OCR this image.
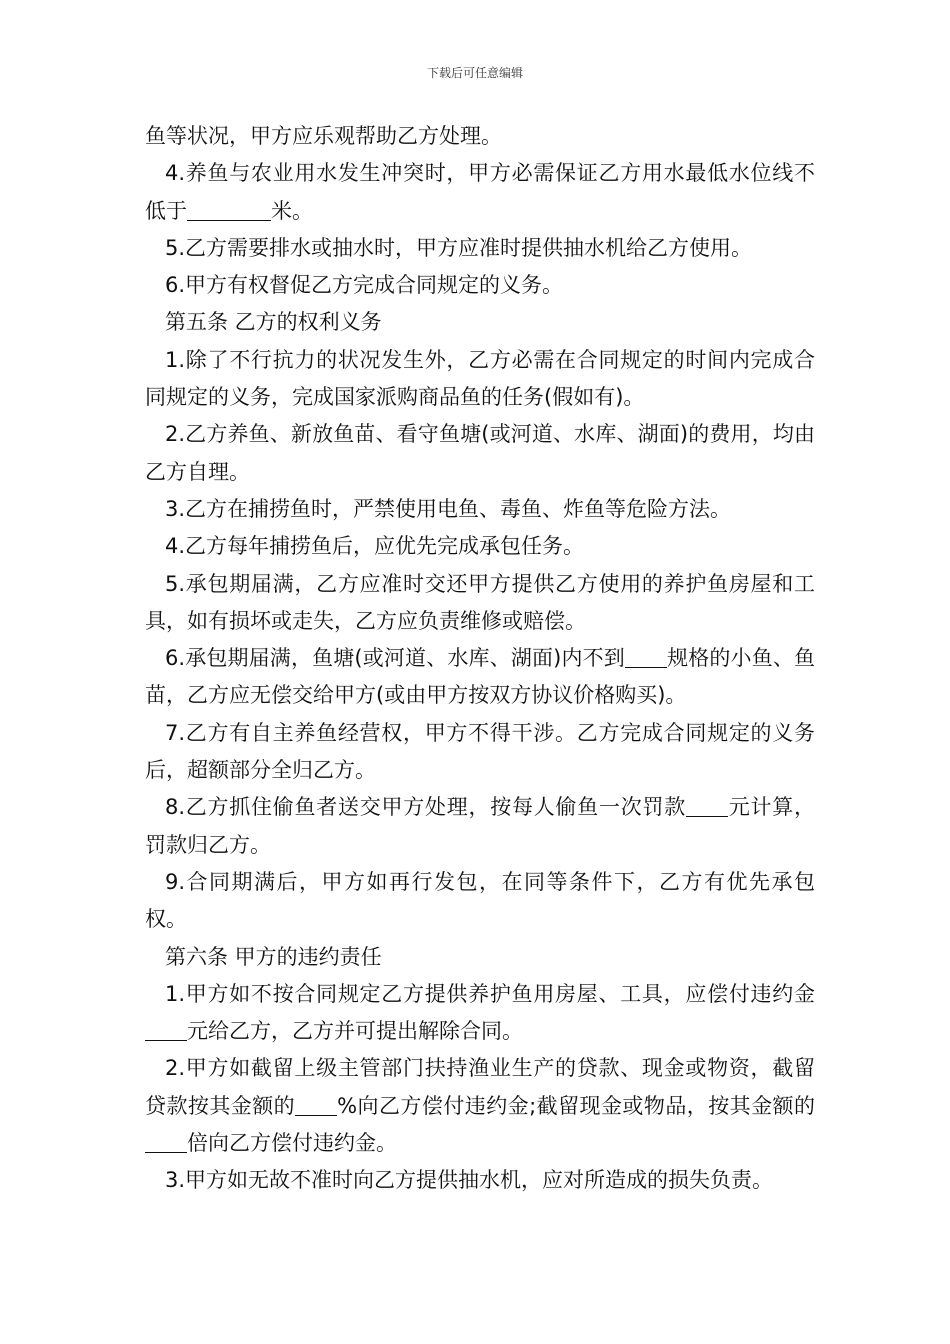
下载后可任意编辑

鱼等状况，甲方应乐观帮助乙方处理。

4.养鱼与农业用水发生冲突时，甲方必需保证乙方用水最低水位线不低于	米。

5.乙方需要排水或抽水时，甲方应准时提供抽水机给乙方使用。

6.甲方有权督促乙方完成合同规定的义务。

第五条 乙方的权利义务

1.除了不行抗力的状况发生外，乙方必需在合同规定的时间内完成合同规定的义务，完成国家派购商品鱼的任务(假如有)。

2.乙方养鱼、新放鱼苗、看守鱼塘(或河道、水库、湖面)的费用，均由乙方自理。

3.乙方在捕捞鱼时，严禁使用电鱼、毒鱼、炸鱼等危险方法。

4.乙方每年捕捞鱼后，应优先完成承包任务。

5.承包期届满，乙方应准时交还甲方提供乙方使用的养护鱼房屋和工具，如有损坏或走失，乙方应负责维修或赔偿。

6.承包期届满，鱼塘(或河道、水库、湖面)内不到 规格的小鱼、鱼苗，乙方应无偿交给甲方(或由甲方按双方协议价格购买)。

7.乙方有自主养鱼经营权，甲方不得干涉。乙方完成合同规定的义务后，超额部分全归乙方。

8.乙方抓住偷鱼者送交甲方处理，按每人偷鱼一次罚款 元计算，罚款归乙方。

9.合同期满后，甲方如再行发包，在同等条件下，乙方有优先承包权。

第六条 甲方的违约责任

1.甲方如不按合同规定乙方提供养护鱼用房屋、工具，应偿付违约金元给乙方，乙方并可提出解除合同。

2.甲方如截留上级主管部门扶持渔业生产的贷款、现金或物资，截留贷款按其金额的 %向乙方偿付违约金;截留现金或物品，按其金额的倍向乙方偿付违约金。

3.甲方如无故不准时向乙方提供抽水机，应对所造成的损失负责。
